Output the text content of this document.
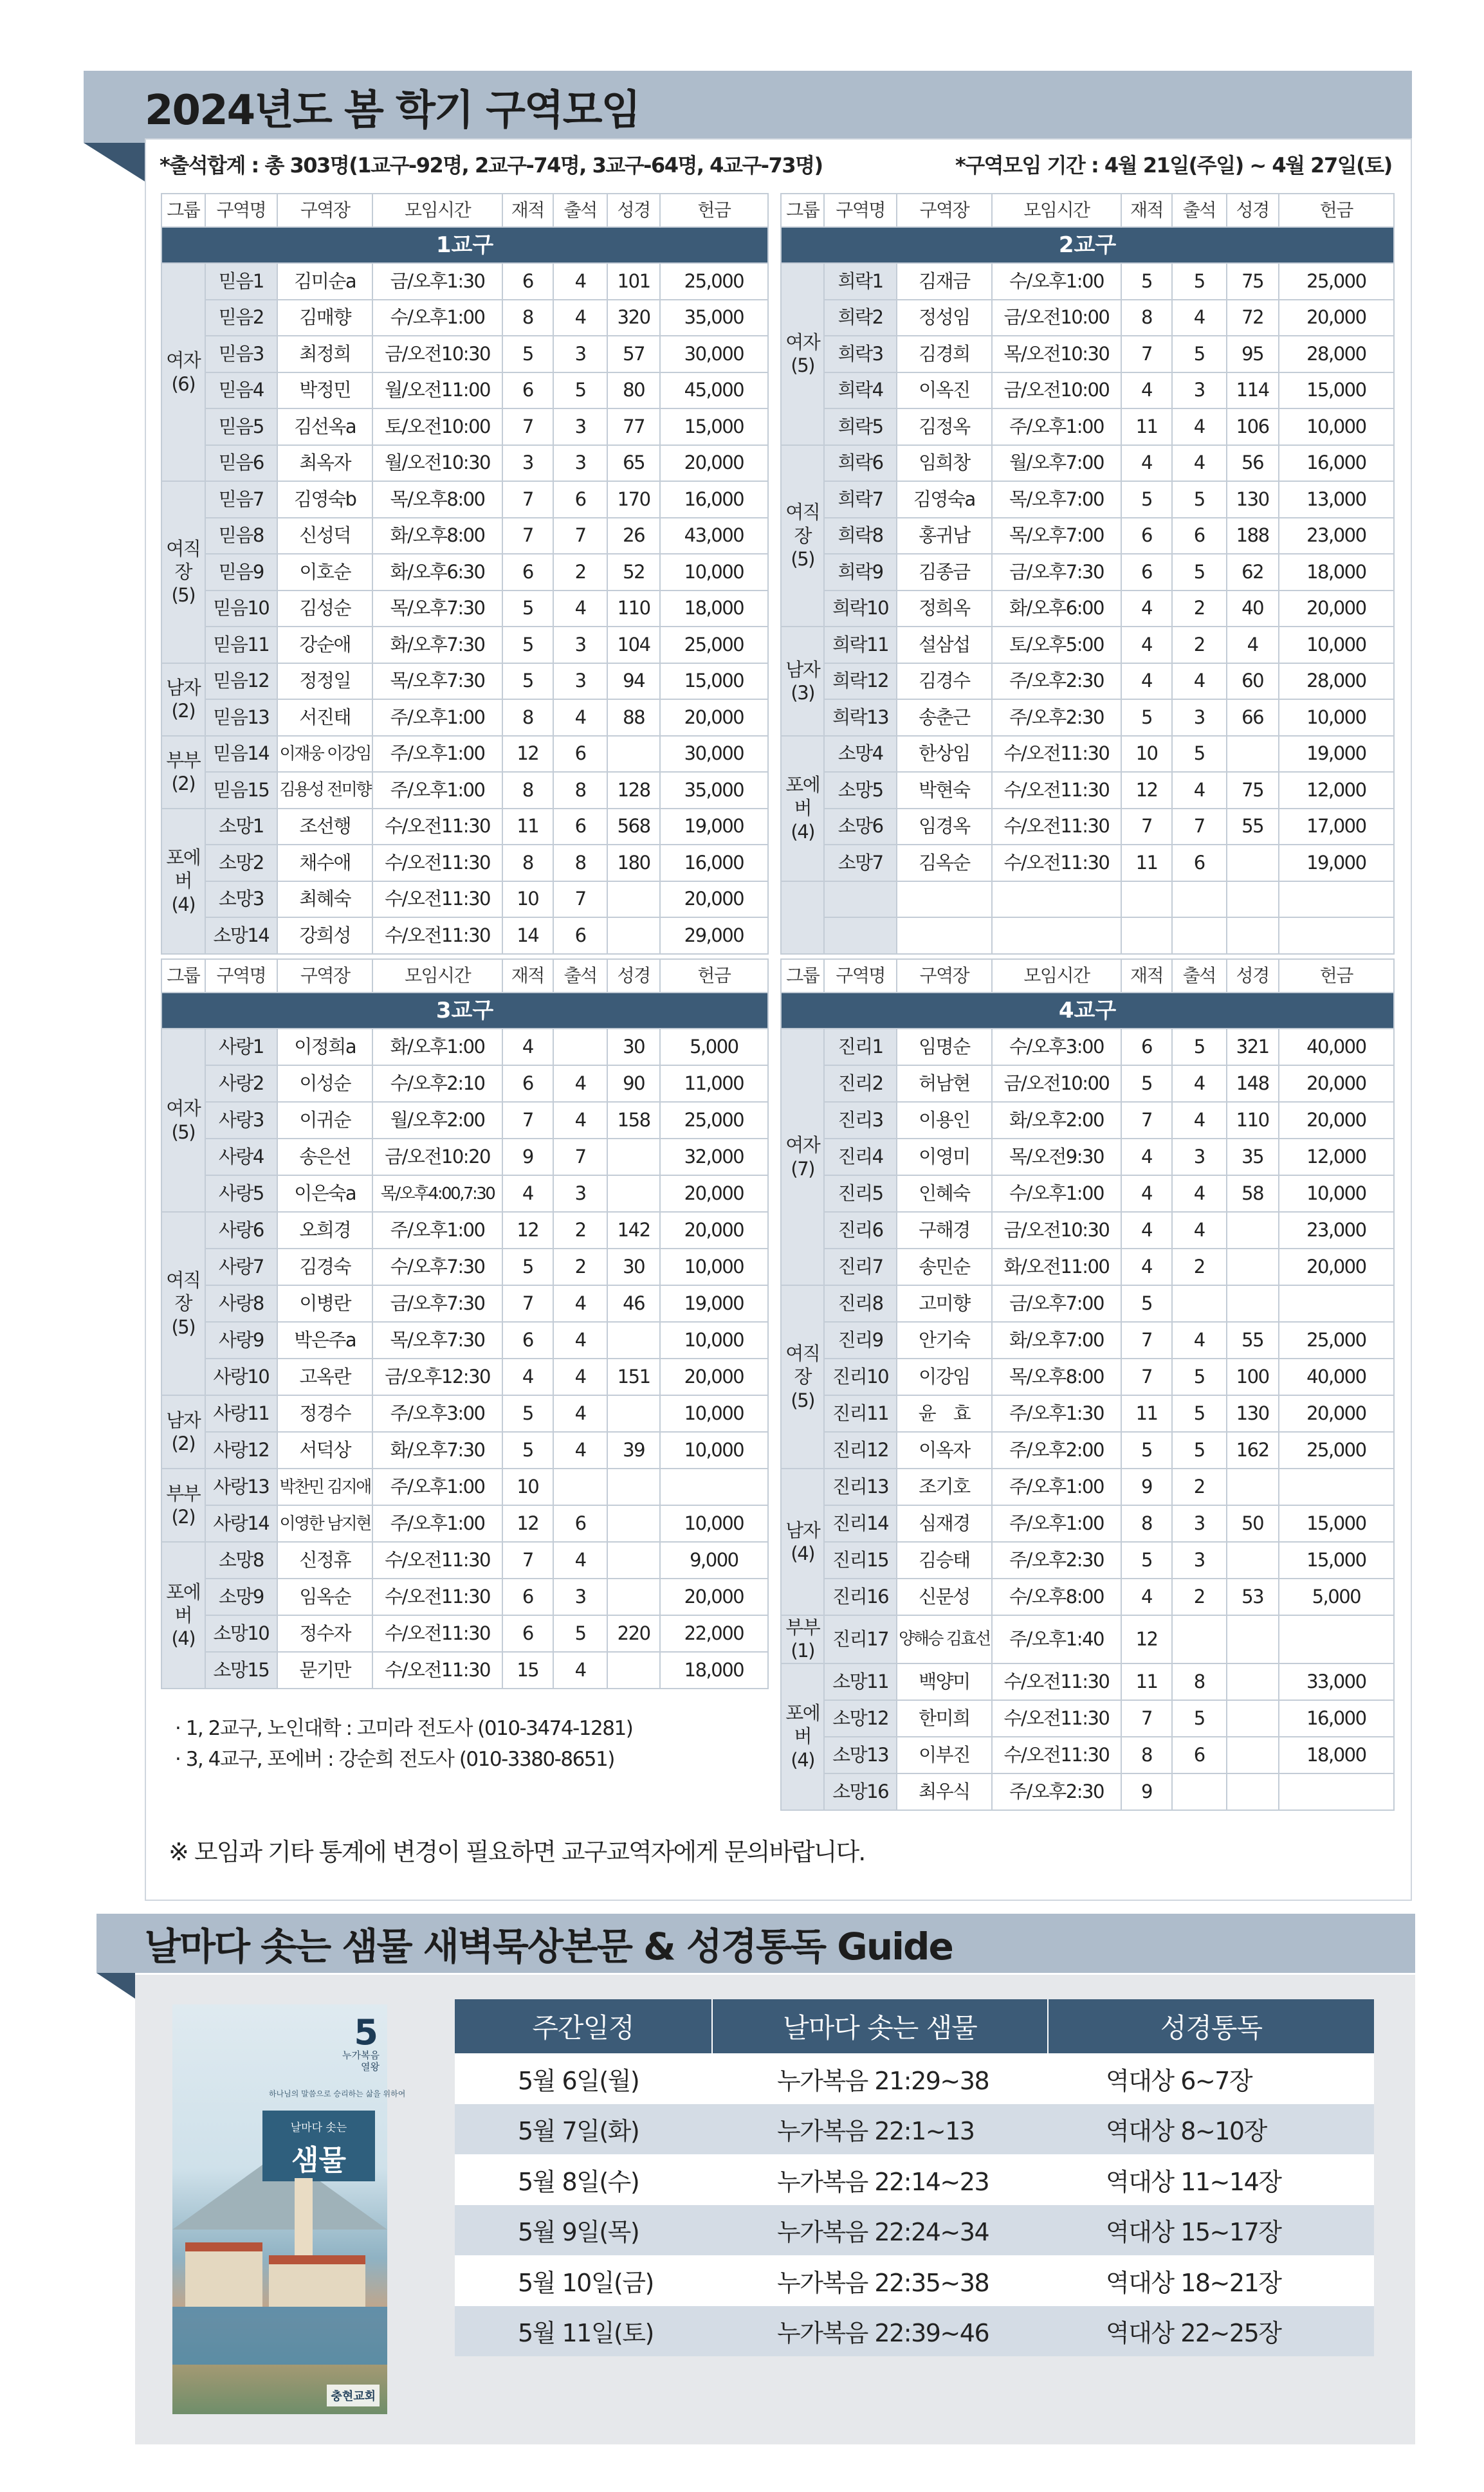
2024년도 봄 학기 구역모임
*출석합계 : 총 303명(1교구-92명, 2교구-74명, 3교구-64명, 4교구-73명)	*구역모임 기간 : 4월 21일(주일) ~ 4월 27일(토)
그룹	구역명	구역장	모임시간	재적	출석	성경	헌금
1교구							
여자
(6)	믿음1	김미순a	금/오후1:30	6	4	101	25,000
	믿음2	김매향	수/오후1:00	8	4	320	35,000
	믿음3	최정희	금/오전10:30	5	3	57	30,000
	믿음4	박정민	월/오전11:00	6	5	80	45,000
	믿음5	김선옥a	토/오전10:00	7	3	77	15,000
	믿음6	최옥자	월/오전10:30	3	3	65	20,000
여직장
(5)	믿음7	김영숙b	목/오후8:00	7	6	170	16,000
	믿음8	신성덕	화/오후8:00	7	7	26	43,000
	믿음9	이호순	화/오후6:30	6	2	52	10,000
	믿음10	김성순	목/오후7:30	5	4	110	18,000
	믿음11	강순애	화/오후7:30	5	3	104	25,000
남자
(2)	믿음12	정정일	목/오후7:30	5	3	94	15,000
	믿음13	서진태	주/오후1:00	8	4	88	20,000
부부
(2)	믿음14	이재웅 이강임	주/오후1:00	12	6		30,000
	믿음15	김용성 전미향	주/오후1:00	8	8	128	35,000
포에버
(4)	소망1	조선행	수/오전11:30	11	6	568	19,000
	소망2	채수애	수/오전11:30	8	8	180	16,000
	소망3	최혜숙	수/오전11:30	10	7		20,000
	소망14	강희성	수/오전11:30	14	6		29,000
그룹	구역명	구역장	모임시간	재적	출석	성경	헌금
2교구							
여자
(5)	희락1	김재금	수/오후1:00	5	5	75	25,000
	희락2	정성임	금/오전10:00	8	4	72	20,000
	희락3	김경희	목/오전10:30	7	5	95	28,000
	희락4	이옥진	금/오전10:00	4	3	114	15,000
	희락5	김정옥	주/오후1:00	11	4	106	10,000
여직장
(5)	희락6	임희창	월/오후7:00	4	4	56	16,000
	희락7	김영숙a	목/오후7:00	5	5	130	13,000
	희락8	홍귀남	목/오후7:00	6	6	188	23,000
	희락9	김종금	금/오후7:30	6	5	62	18,000
	희락10	정희옥	화/오후6:00	4	2	40	20,000
남자
(3)	희락11	설삼섭	토/오후5:00	4	2	4	10,000
	희락12	김경수	주/오후2:30	4	4	60	28,000
	희락13	송춘근	주/오후2:30	5	3	66	10,000
포에버
(4)	소망4	한상임	수/오전11:30	10	5		19,000
	소망5	박현숙	수/오전11:30	12	4	75	12,000
	소망6	임경옥	수/오전11:30	7	7	55	17,000
	소망7	김옥순	수/오전11:30	11	6		19,000

그룹	구역명	구역장	모임시간	재적	출석	성경	헌금
3교구							
여자
(5)	사랑1	이정희a	화/오후1:00	4		30	5,000
	사랑2	이성순	수/오후2:10	6	4	90	11,000
	사랑3	이귀순	월/오후2:00	7	4	158	25,000
	사랑4	송은선	금/오전10:20	9	7		32,000
	사랑5	이은숙a	목/오후4:00,7:30	4	3		20,000
여직장
(5)	사랑6	오희경	주/오후1:00	12	2	142	20,000
	사랑7	김경숙	수/오후7:30	5	2	30	10,000
	사랑8	이병란	금/오후7:30	7	4	46	19,000
	사랑9	박은주a	목/오후7:30	6	4		10,000
	사랑10	고옥란	금/오후12:30	4	4	151	20,000
남자
(2)	사랑11	정경수	주/오후3:00	5	4		10,000
	사랑12	서덕상	화/오후7:30	5	4	39	10,000
부부
(2)	사랑13	박찬민 김지애	주/오후1:00	10			
	사랑14	이영한 남지현	주/오후1:00	12	6		10,000
포에버
(4)	소망8	신정휴	수/오전11:30	7	4		9,000
	소망9	임옥순	수/오전11:30	6	3		20,000
	소망10	정수자	수/오전11:30	6	5	220	22,000
	소망15	문기만	수/오전11:30	15	4		18,000
그룹	구역명	구역장	모임시간	재적	출석	성경	헌금
4교구							
여자
(7)	진리1	임명순	수/오후3:00	6	5	321	40,000
	진리2	허남현	금/오전10:00	5	4	148	20,000
	진리3	이용인	화/오후2:00	7	4	110	20,000
	진리4	이영미	목/오전9:30	4	3	35	12,000
	진리5	인혜숙	수/오후1:00	4	4	58	10,000
	진리6	구해경	금/오전10:30	4	4		23,000
	진리7	송민순	화/오전11:00	4	2		20,000
여직장
(5)	진리8	고미향	금/오후7:00	5			
	진리9	안기숙	화/오후7:00	7	4	55	25,000
	진리10	이강임	목/오후8:00	7	5	100	40,000
	진리11	윤　효	주/오후1:30	11	5	130	20,000
	진리12	이옥자	주/오후2:00	5	5	162	25,000
남자
(4)	진리13	조기호	주/오후1:00	9	2		
	진리14	심재경	주/오후1:00	8	3	50	15,000
	진리15	김승태	주/오후2:30	5	3		15,000
	진리16	신문성	수/오후8:00	4	2	53	5,000
부부(1)	진리17	양해승 김효선	주/오후1:40	12			
포에버
(4)	소망11	백양미	수/오전11:30	11	8		33,000
	소망12	한미희	수/오전11:30	7	5		16,000
	소망13	이부진	수/오전11:30	8	6		18,000
	소망16	최우식	주/오후2:30	9			
· 1, 2교구, 노인대학 : 고미라 전도사 (010-3474-1281)
· 3, 4교구, 포에버 : 강순희 전도사 (010-3380-8651)
※ 모임과 기타 통계에 변경이 필요하면 교구교역자에게 문의바랍니다.
날마다 솟는 샘물 새벽묵상본문 & 성경통독 Guide
하나님의 말씀으로 승리하는 삶을 위하여
5
누가복음
열왕
날마다 솟는
샘물
충현교회
주간일정	날마다 솟는 샘물	성경통독
5월 6일(월)	누가복음 21:29~38	역대상 6~7장
5월 7일(화)	누가복음 22:1~13	역대상 8~10장
5월 8일(수)	누가복음 22:14~23	역대상 11~14장
5월 9일(목)	누가복음 22:24~34	역대상 15~17장
5월 10일(금)	누가복음 22:35~38	역대상 18~21장
5월 11일(토)	누가복음 22:39~46	역대상 22~25장
